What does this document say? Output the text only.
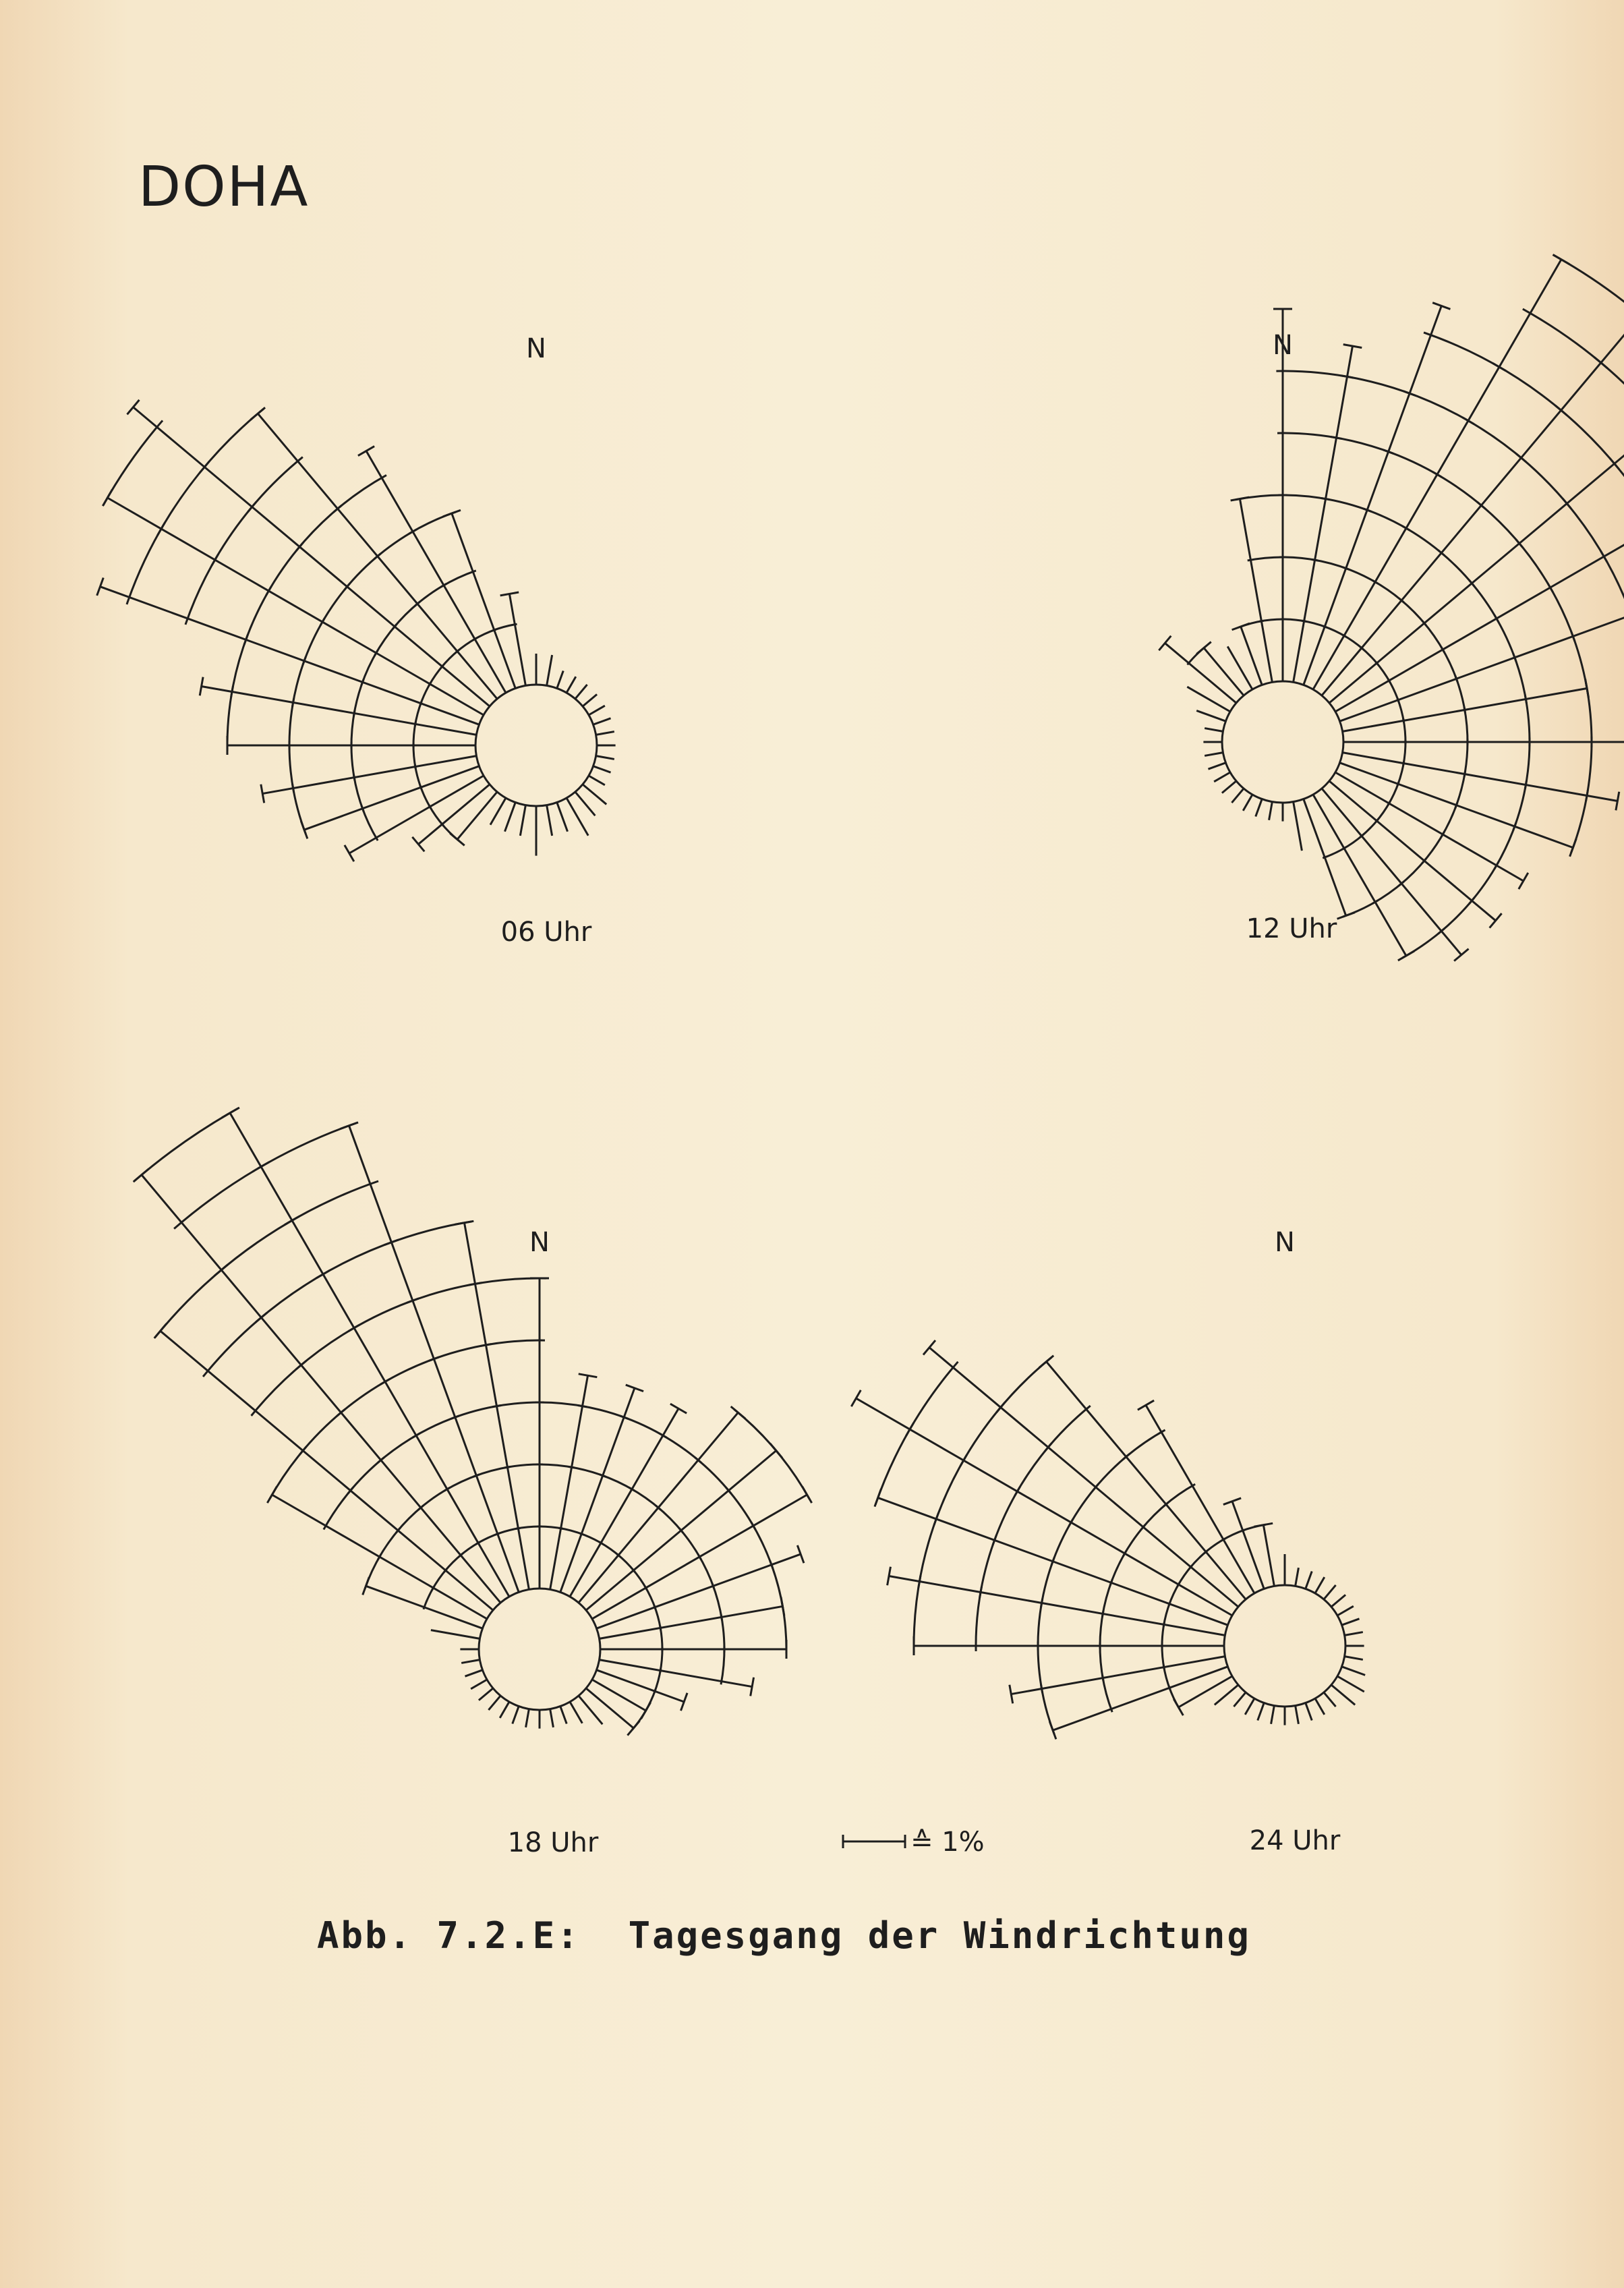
DOHA
N
06 Uhr
N
12 Uhr
N
18 Uhr
N
24 Uhr
≙ 1%
Abb. 7.2.E:  Tagesgang der Windrichtung
